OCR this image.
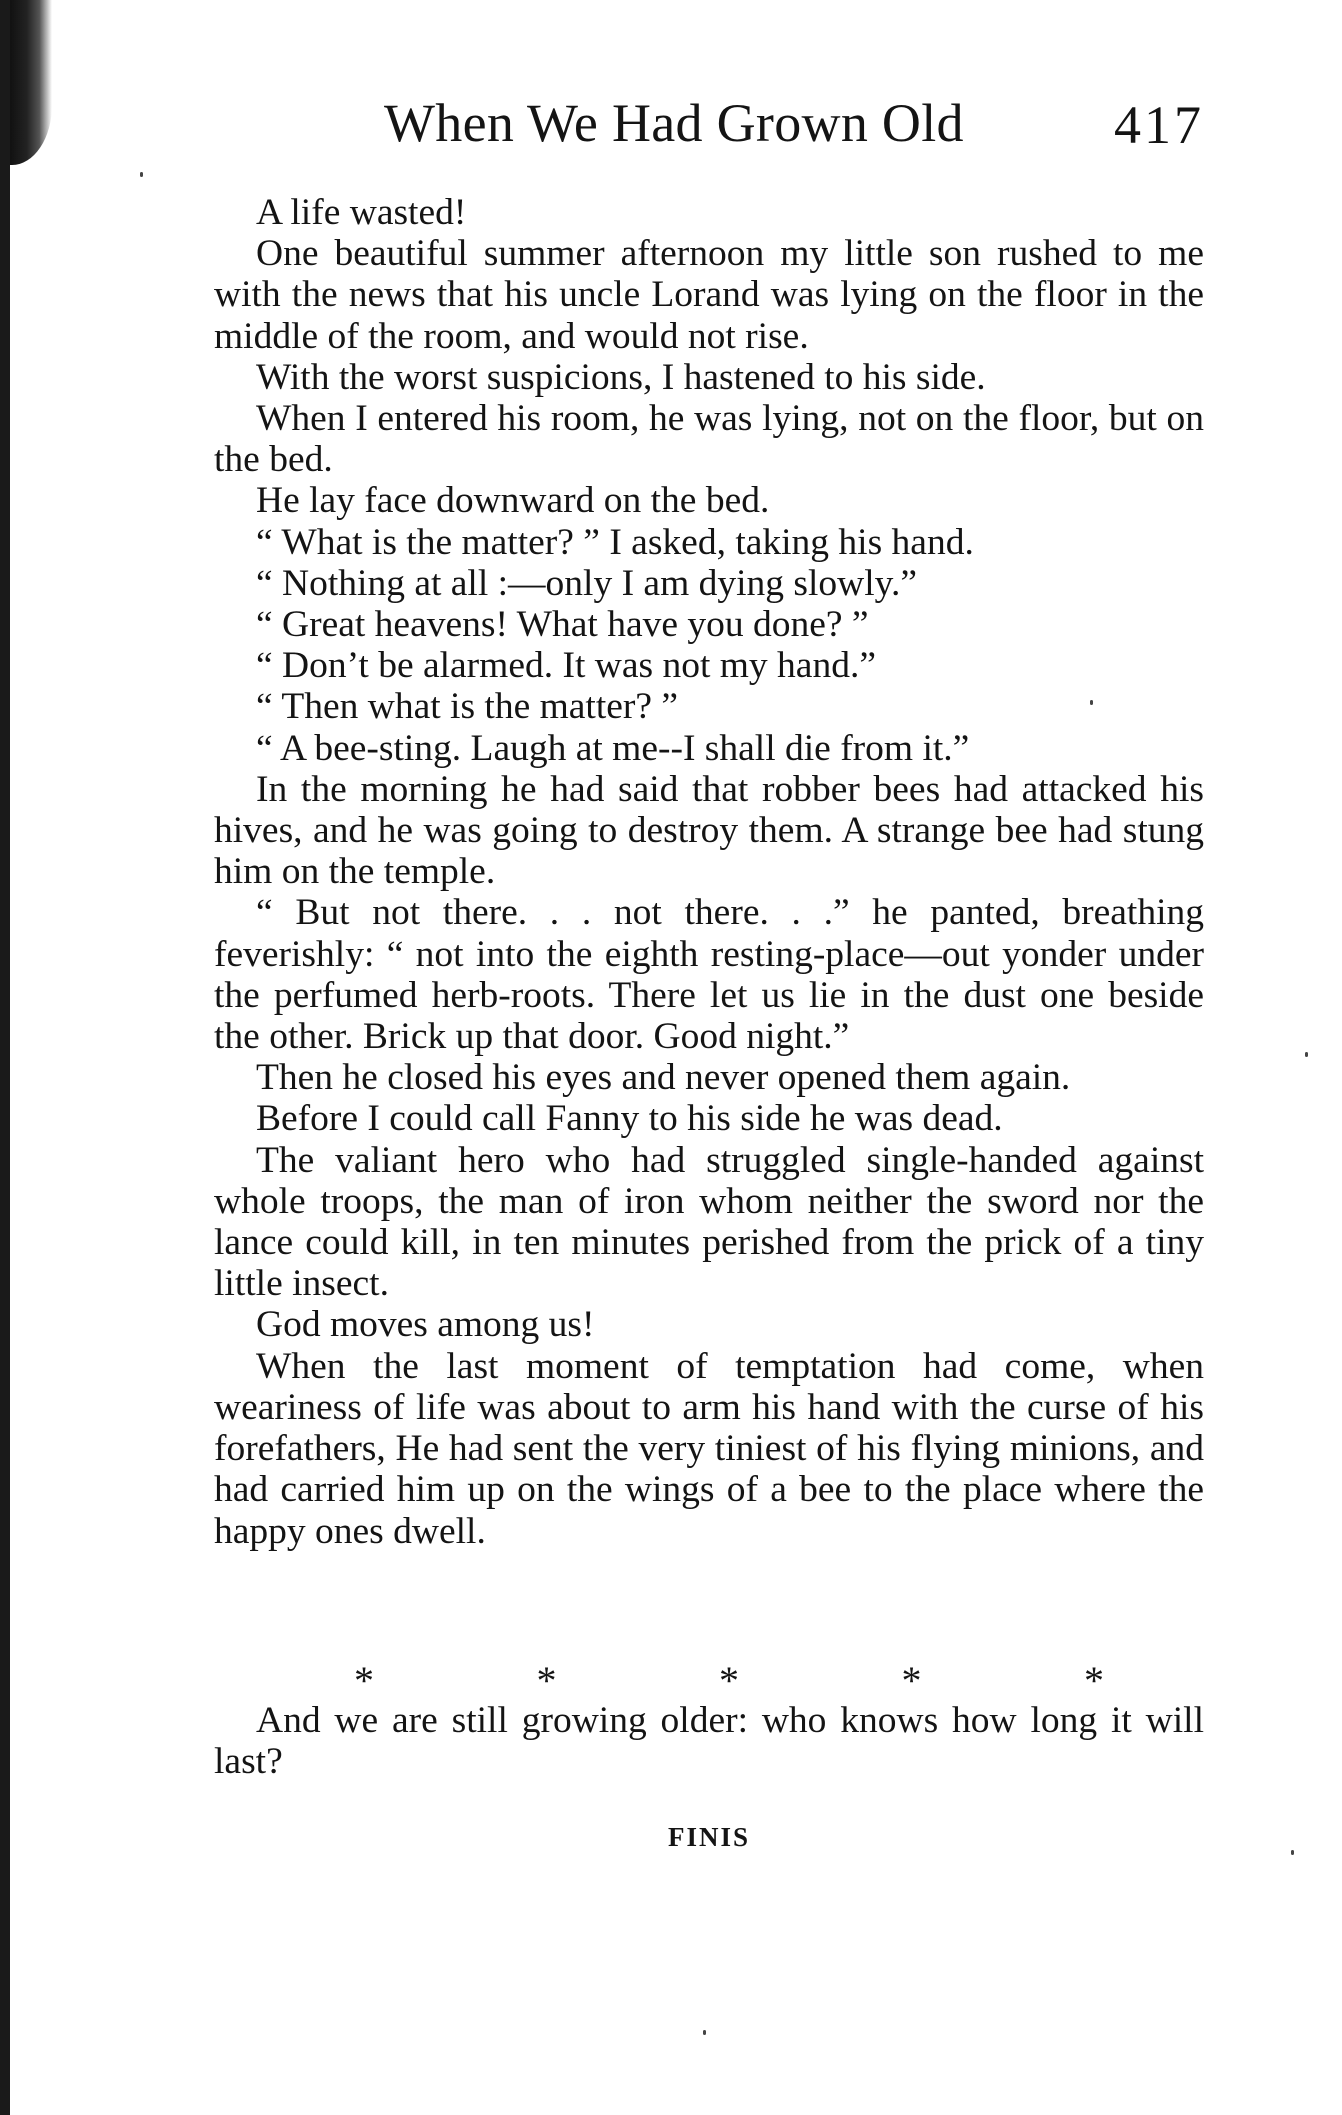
When We Had Grown Old	417

A life wasted!

One beautiful summer afternoon my little son rushed to me with the news that his uncle Lorand was lying on the floor in the middle of the room, and would not rise.

With the worst suspicions, I hastened to his side.

When I entered his room, he was lying, not on the floor, but on the bed.

He lay face downward on the bed.

“ What is the matter? ” I asked, taking his hand.

“ Nothing at all :—only I am dying slowly.”

“ Great heavens! What have you done? ”

“ Don’t be alarmed. It was not my hand.”

“ Then what is the matter? ”

“ A bee-sting. Laugh at me--I shall die from it.”

In the morning he had said that robber bees had attacked his hives, and he was going to destroy them. A strange bee had stung him on the temple.

“ But not there. . . not there. . .” he panted, breathing feverishly: “ not into the eighth resting-place—out yonder under the perfumed herb-roots. There let us lie in the dust one beside the other. Brick up that door. Good night.”

Then he closed his eyes and never opened them again.

Before I could call Fanny to his side he was dead.

The valiant hero who had struggled single-handed against whole troops, the man of iron whom neither the sword nor the lance could kill, in ten minutes perished from the prick of a tiny little insect.

God moves among us!

When the last moment of temptation had come, when weariness of life was about to arm his hand with the curse of his forefathers, He had sent the very tiniest of his flying minions, and had carried him up on the wings of a bee to the place where the happy ones dwell.

*	*	*	*	*

And we are still growing older: who knows how long it will last?

FINIS
